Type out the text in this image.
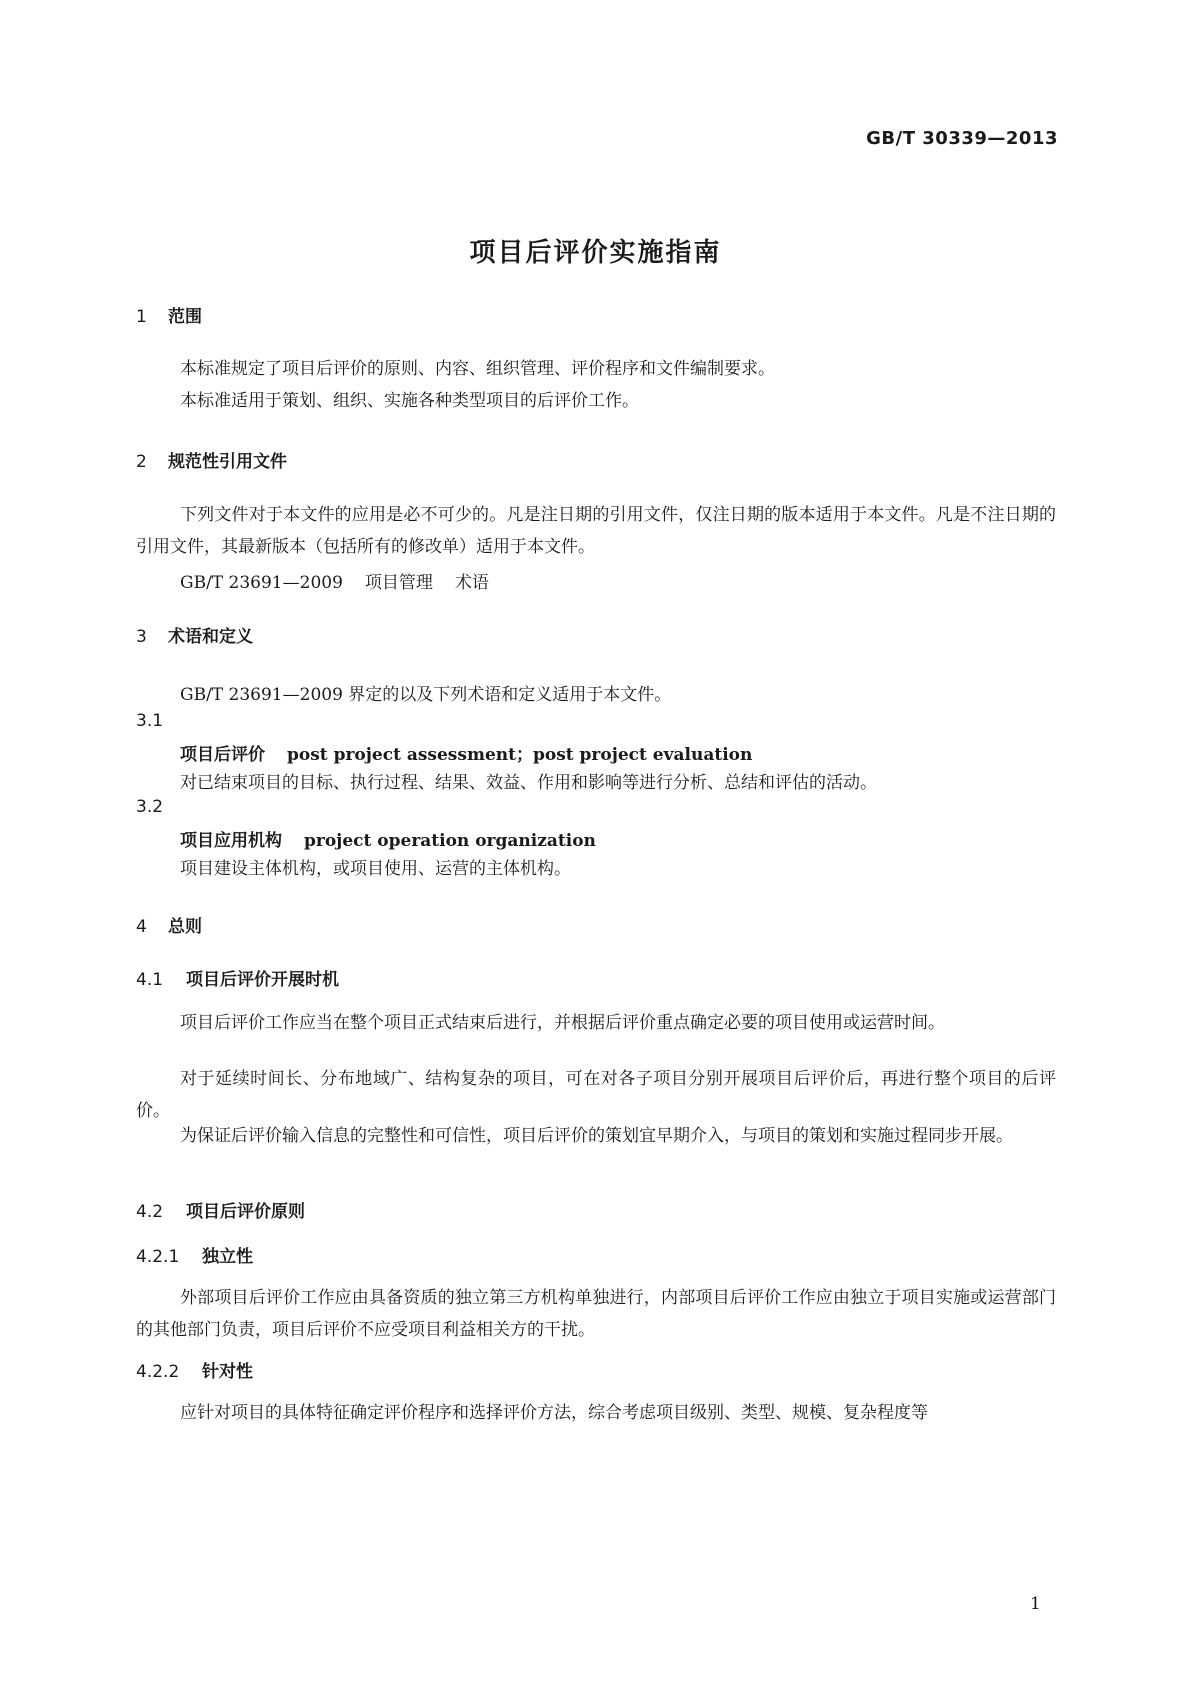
GB/T 30339—2013
项目后评价实施指南
1 范围
本标准规定了项目后评价的原则、内容、组织管理、评价程序和文件编制要求。
本标准适用于策划、组织、实施各种类型项目的后评价工作。
2 规范性引用文件
下列文件对于本文件的应用是必不可少的。凡是注日期的引用文件，仅注日期的版本适用于本文件。凡是不注日期的引用文件，其最新版本（包括所有的修改单）适用于本文件。
GB/T 23691—2009 项目管理 术语
3 术语和定义
GB/T 23691—2009 界定的以及下列术语和定义适用于本文件。
3.1
项目后评价 post project assessment；post project evaluation
对已结束项目的目标、执行过程、结果、效益、作用和影响等进行分析、总结和评估的活动。
3.2
项目应用机构 project operation organization
项目建设主体机构，或项目使用、运营的主体机构。
4 总则
4.1 项目后评价开展时机
项目后评价工作应当在整个项目正式结束后进行，并根据后评价重点确定必要的项目使用或运营时间。
对于延续时间长、分布地域广、结构复杂的项目，可在对各子项目分别开展项目后评价后，再进行整个项目的后评价。
为保证后评价输入信息的完整性和可信性，项目后评价的策划宜早期介入，与项目的策划和实施过程同步开展。
4.2 项目后评价原则
4.2.1 独立性
外部项目后评价工作应由具备资质的独立第三方机构单独进行，内部项目后评价工作应由独立于项目实施或运营部门的其他部门负责，项目后评价不应受项目利益相关方的干扰。
4.2.2 针对性
应针对项目的具体特征确定评价程序和选择评价方法，综合考虑项目级别、类型、规模、复杂程度等
1
